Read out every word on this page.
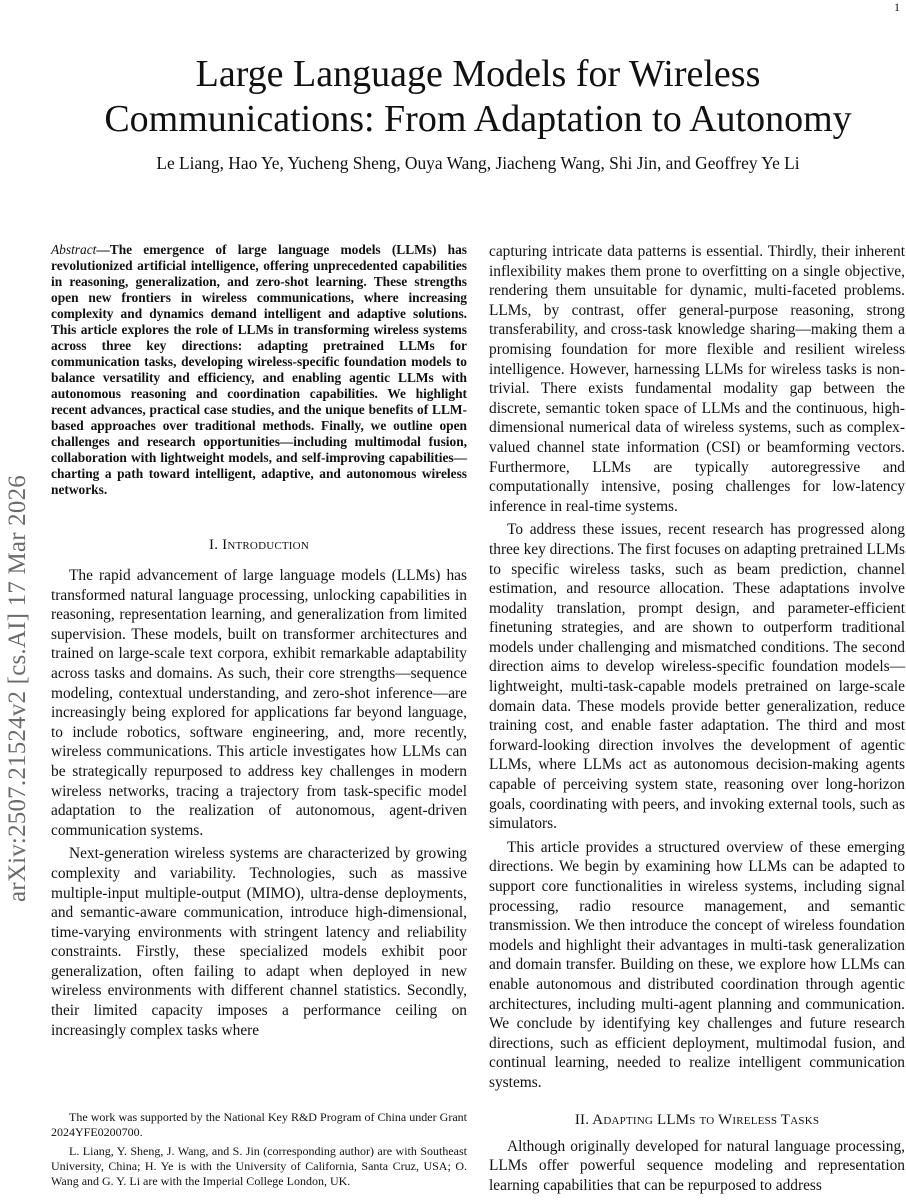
1
arXiv:2507.21524v2 [cs.AI] 17 Mar 2026
Large Language Models for Wireless Communications: From Adaptation to Autonomy
Le Liang, Hao Ye, Yucheng Sheng, Ouya Wang, Jiacheng Wang, Shi Jin, and Geoffrey Ye Li

Abstract—The emergence of large language models (LLMs) has revolutionized artificial intelligence, offering unprecedented capabilities in reasoning, generalization, and zero-shot learning. These strengths open new frontiers in wireless communications, where increasing complexity and dynamics demand intelligent and adaptive solutions. This article explores the role of LLMs in transforming wireless systems across three key directions: adapting pretrained LLMs for communication tasks, developing wireless-specific foundation models to balance versatility and efficiency, and enabling agentic LLMs with autonomous reasoning and coordination capabilities. We highlight recent advances, practical case studies, and the unique benefits of LLM-based approaches over traditional methods. Finally, we outline open challenges and research opportunities—including multimodal fusion, collaboration with lightweight models, and self-improving capabilities—charting a path toward intelligent, adaptive, and autonomous wireless networks.

I. Introduction

The rapid advancement of large language models (LLMs) has transformed natural language processing, unlocking capabilities in reasoning, representation learning, and generalization from limited supervision. These models, built on transformer architectures and trained on large-scale text corpora, exhibit remarkable adaptability across tasks and domains. As such, their core strengths—sequence modeling, contextual understanding, and zero-shot inference—are increasingly being explored for applications far beyond language, to include robotics, software engineering, and, more recently, wireless communications. This article investigates how LLMs can be strategically repurposed to address key challenges in modern wireless networks, tracing a trajectory from task-specific model adaptation to the realization of autonomous, agent-driven communication systems.

Next-generation wireless systems are characterized by growing complexity and variability. Technologies, such as massive multiple-input multiple-output (MIMO), ultra-dense deployments, and semantic-aware communication, introduce high-dimensional, time-varying environments with stringent latency and reliability constraints. Firstly, these specialized models exhibit poor generalization, often failing to adapt when deployed in new wireless environments with different channel statistics. Secondly, their limited capacity imposes a performance ceiling on increasingly complex tasks where

capturing intricate data patterns is essential. Thirdly, their inherent inflexibility makes them prone to overfitting on a single objective, rendering them unsuitable for dynamic, multi-faceted problems. LLMs, by contrast, offer general-purpose reasoning, strong transferability, and cross-task knowledge sharing—making them a promising foundation for more flexible and resilient wireless intelligence. However, harnessing LLMs for wireless tasks is non-trivial. There exists fundamental modality gap between the discrete, semantic token space of LLMs and the continuous, high-dimensional numerical data of wireless systems, such as complex-valued channel state information (CSI) or beamforming vectors. Furthermore, LLMs are typically autoregressive and computationally intensive, posing challenges for low-latency inference in real-time systems.

To address these issues, recent research has progressed along three key directions. The first focuses on adapting pretrained LLMs to specific wireless tasks, such as beam prediction, channel estimation, and resource allocation. These adaptations involve modality translation, prompt design, and parameter-efficient finetuning strategies, and are shown to outperform traditional models under challenging and mismatched conditions. The second direction aims to develop wireless-specific foundation models—lightweight, multi-task-capable models pretrained on large-scale domain data. These models provide better generalization, reduce training cost, and enable faster adaptation. The third and most forward-looking direction involves the development of agentic LLMs, where LLMs act as autonomous decision-making agents capable of perceiving system state, reasoning over long-horizon goals, coordinating with peers, and invoking external tools, such as simulators.

This article provides a structured overview of these emerging directions. We begin by examining how LLMs can be adapted to support core functionalities in wireless systems, including signal processing, radio resource management, and semantic transmission. We then introduce the concept of wireless foundation models and highlight their advantages in multi-task generalization and domain transfer. Building on these, we explore how LLMs can enable autonomous and distributed coordination through agentic architectures, including multi-agent planning and communication. We conclude by identifying key challenges and future research directions, such as efficient deployment, multimodal fusion, and continual learning, needed to realize intelligent communication systems.

II. Adapting LLMs to Wireless Tasks

Although originally developed for natural language processing, LLMs offer powerful sequence modeling and representation learning capabilities that can be repurposed to address

The work was supported by the National Key R&D Program of China under Grant 2024YFE0200700.

L. Liang, Y. Sheng, J. Wang, and S. Jin (corresponding author) are with Southeast University, China; H. Ye is with the University of California, Santa Cruz, USA; O. Wang and G. Y. Li are with the Imperial College London, UK.
